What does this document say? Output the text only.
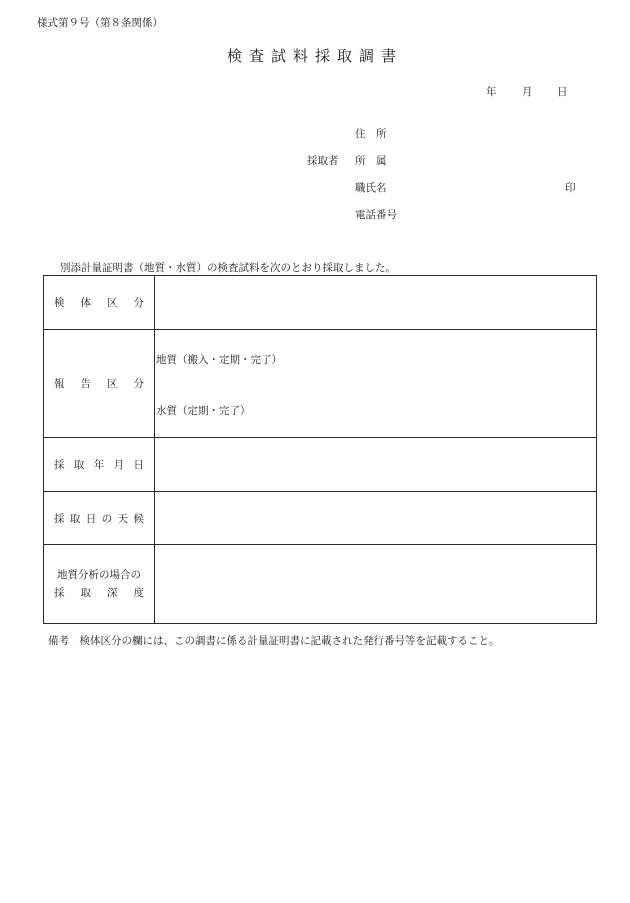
様式第９号（第８条関係）
検査試料採取調書
年 月 日
住　所
採取者 所　属
職氏名	印
電話番号
別添計量証明書（地質・水質）の検査試料を次のとおり採取しました。
検体区分	
報告区分	地質（搬入・定期・完了）
水質（定期・完了）

採取年月日	
採取日の天候	

地質分析の場合の
採取深度	

備考　検体区分の欄には、この調書に係る計量証明書に記載された発行番号等を記載すること。
